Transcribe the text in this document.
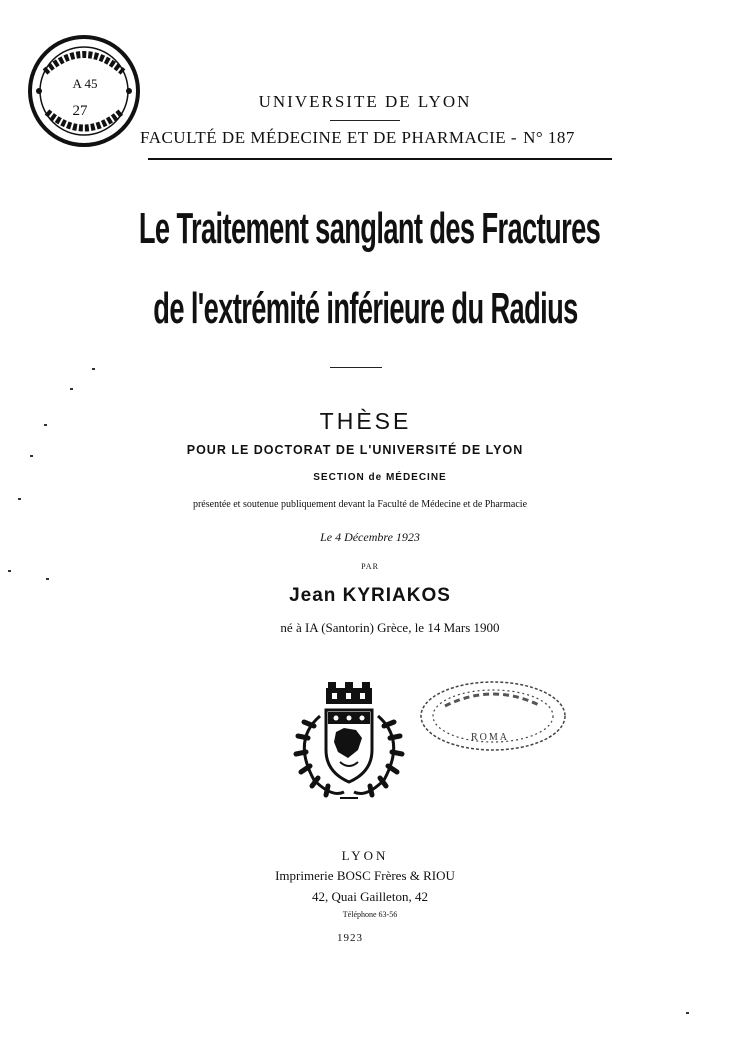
A 45
27	UNIVERSITE DE LYON
FACULTÉ DE MÉDECINE ET DE PHARMACIE - N° 187
Le Traitement sanglant des Fractures
de l'extrémité inférieure du Radius
THÈSE
POUR LE DOCTORAT DE L'UNIVERSITÉ DE LYON
SECTION de MÉDECINE
présentée et soutenue publiquement devant la Faculté de Médecine et de Pharmacie
Le 4 Décembre 1923
PAR
Jean KYRIAKOS
né à IA (Santorin) Grèce, le 14 Mars 1900
ROMA
LYON
Imprimerie BOSC Frères & RIOU
42, Quai Gailleton, 42
Téléphone 63-56
1923
